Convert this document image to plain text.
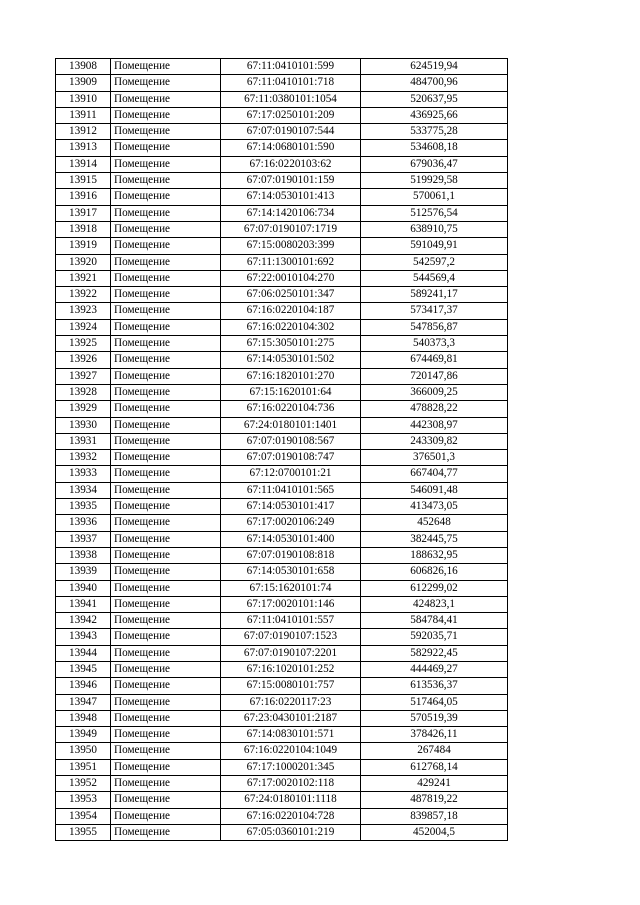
13908	Помещение	67:11:0410101:599	624519,94
13909	Помещение	67:11:0410101:718	484700,96
13910	Помещение	67:11:0380101:1054	520637,95
13911	Помещение	67:17:0250101:209	436925,66
13912	Помещение	67:07:0190107:544	533775,28
13913	Помещение	67:14:0680101:590	534608,18
13914	Помещение	67:16:0220103:62	679036,47
13915	Помещение	67:07:0190101:159	519929,58
13916	Помещение	67:14:0530101:413	570061,1
13917	Помещение	67:14:1420106:734	512576,54
13918	Помещение	67:07:0190107:1719	638910,75
13919	Помещение	67:15:0080203:399	591049,91
13920	Помещение	67:11:1300101:692	542597,2
13921	Помещение	67:22:0010104:270	544569,4
13922	Помещение	67:06:0250101:347	589241,17
13923	Помещение	67:16:0220104:187	573417,37
13924	Помещение	67:16:0220104:302	547856,87
13925	Помещение	67:15:3050101:275	540373,3
13926	Помещение	67:14:0530101:502	674469,81
13927	Помещение	67:16:1820101:270	720147,86
13928	Помещение	67:15:1620101:64	366009,25
13929	Помещение	67:16:0220104:736	478828,22
13930	Помещение	67:24:0180101:1401	442308,97
13931	Помещение	67:07:0190108:567	243309,82
13932	Помещение	67:07:0190108:747	376501,3
13933	Помещение	67:12:0700101:21	667404,77
13934	Помещение	67:11:0410101:565	546091,48
13935	Помещение	67:14:0530101:417	413473,05
13936	Помещение	67:17:0020106:249	452648
13937	Помещение	67:14:0530101:400	382445,75
13938	Помещение	67:07:0190108:818	188632,95
13939	Помещение	67:14:0530101:658	606826,16
13940	Помещение	67:15:1620101:74	612299,02
13941	Помещение	67:17:0020101:146	424823,1
13942	Помещение	67:11:0410101:557	584784,41
13943	Помещение	67:07:0190107:1523	592035,71
13944	Помещение	67:07:0190107:2201	582922,45
13945	Помещение	67:16:1020101:252	444469,27
13946	Помещение	67:15:0080101:757	613536,37
13947	Помещение	67:16:0220117:23	517464,05
13948	Помещение	67:23:0430101:2187	570519,39
13949	Помещение	67:14:0830101:571	378426,11
13950	Помещение	67:16:0220104:1049	267484
13951	Помещение	67:17:1000201:345	612768,14
13952	Помещение	67:17:0020102:118	429241
13953	Помещение	67:24:0180101:1118	487819,22
13954	Помещение	67:16:0220104:728	839857,18
13955	Помещение	67:05:0360101:219	452004,5
